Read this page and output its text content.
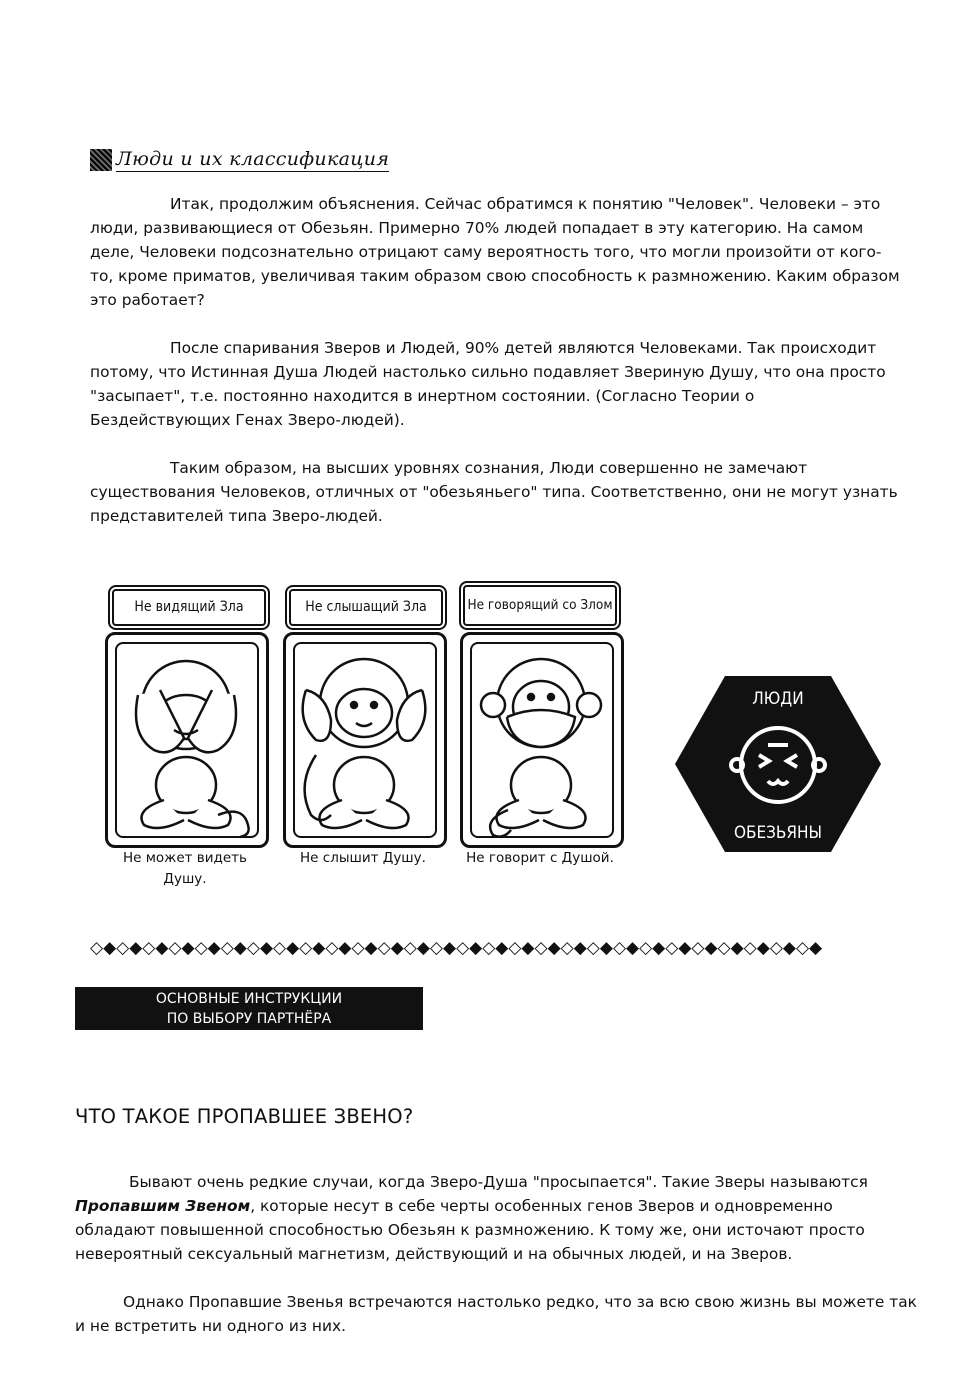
Люди и их классификация

Итак, продолжим объяснения. Сейчас обратимся к понятию "Человек". Человеки – это люди, развивающиеся от Обезьян. Примерно 70% людей попадает в эту категорию. На самом деле, Человеки подсознательно отрицают саму вероятность того, что могли произойти от кого-то, кроме приматов, увеличивая таким образом свою способность к размножению. Каким образом это работает?

После спаривания Зверов и Людей, 90% детей являются Человеками. Так происходит потому, что Истинная Душа Людей настолько сильно подавляет Звериную Душу, что она просто "засыпает", т.е. постоянно находится в инертном состоянии. (Согласно Теории о Бездействующих Генах Зверо-людей).

Таким образом, на высших уровнях сознания, Люди совершенно не замечают существования Человеков, отличных от "обезьяньего" типа. Соответственно, они не могут узнать представителей типа Зверо-людей.

Не видящий Зла	Не слышащий Зла	Не говорящий со Злом
Не может видеть Душу.
Не слышит Душу.	Не говорит с Душой.
ЛЮДИ
ОБЕЗЬЯНЫ
◇◆◇◆◇◆◇◆◇◆◇◆◇◆◇◆◇◆◇◆◇◆◇◆◇◆◇◆◇◆◇◆◇◆◇◆◇◆◇◆◇◆◇◆◇◆◇◆◇◆◇◆◇◆◇◆
ОСНОВНЫЕ ИНСТРУКЦИИ
ПО ВЫБОРУ ПАРТНЁРА
ЧТО ТАКОЕ ПРОПАВШЕЕ ЗВЕНО?

Бывают очень редкие случаи, когда Зверо-Душа "просыпается". Такие Зверы называются Пропавшим Звеном, которые несут в себе черты особенных генов Зверов и одновременно обладают повышенной способностью Обезьян к размножению. К тому же, они источают просто невероятный сексуальный магнетизм, действующий и на обычных людей, и на Зверов.

Однако Пропавшие Звенья встречаются настолько редко, что за всю свою жизнь вы можете так и не встретить ни одного из них.
